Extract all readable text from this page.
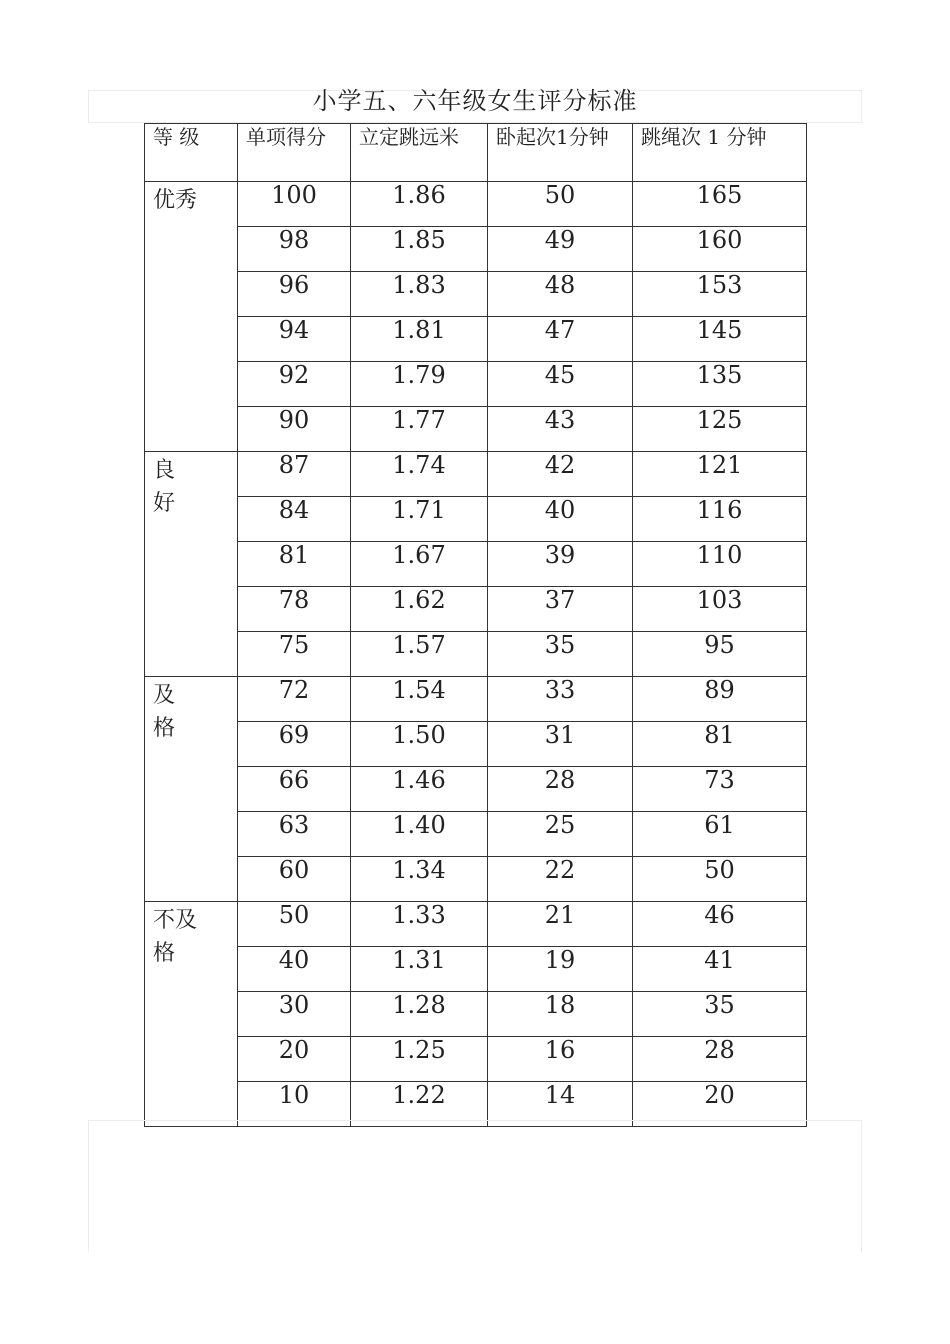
小学五、六年级女生评分标准
等 级	单项得分	立定跳远米	卧起次1分钟	跳绳次 1 分钟

优秀	100	1.86	50	165
	98	1.85	49	160
	96	1.83	48	153
	94	1.81	47	145
	92	1.79	45	135
	90	1.77	43	125

良好	87	1.74	42	121
	84	1.71	40	116
	81	1.67	39	110
	78	1.62	37	103
	75	1.57	35	95

及格	72	1.54	33	89
	69	1.50	31	81
	66	1.46	28	73
	63	1.40	25	61
	60	1.34	22	50

不及格	50	1.33	21	46
	40	1.31	19	41
	30	1.28	18	35
	20	1.25	16	28
	10	1.22	14	20
